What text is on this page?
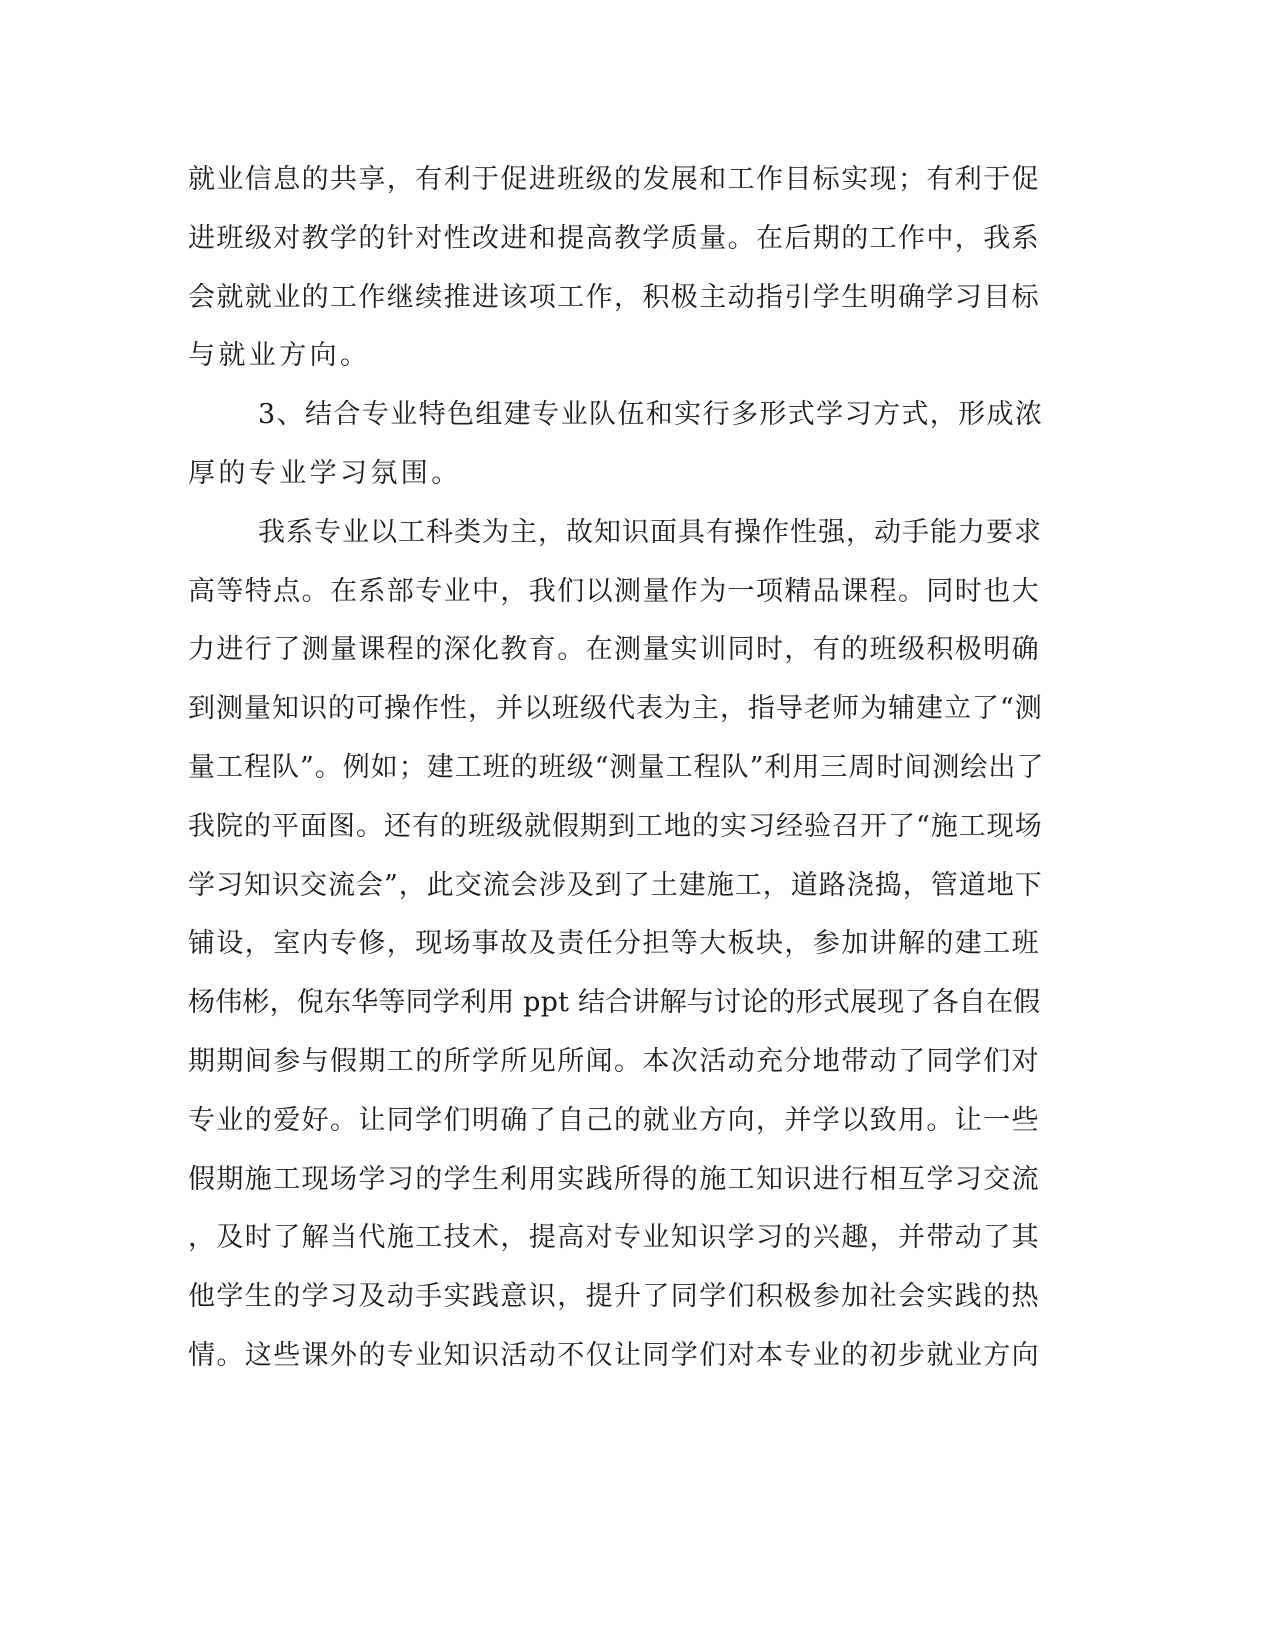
就业信息的共享，有利于促进班级的发展和工作目标实现；有利于促
进班级对教学的针对性改进和提高教学质量。在后期的工作中，我系
会就就业的工作继续推进该项工作，积极主动指引学生明确学习目标
与就业方向。
3、结合专业特色组建专业队伍和实行多形式学习方式，形成浓
厚的专业学习氛围。
我系专业以工科类为主，故知识面具有操作性强，动手能力要求
高等特点。在系部专业中，我们以测量作为一项精品课程。同时也大
力进行了测量课程的深化教育。在测量实训同时，有的班级积极明确
到测量知识的可操作性，并以班级代表为主，指导老师为辅建立了“测
量工程队”。例如；建工班的班级“测量工程队”利用三周时间测绘出了
我院的平面图。还有的班级就假期到工地的实习经验召开了“施工现场
学习知识交流会”，此交流会涉及到了土建施工，道路浇捣，管道地下
铺设，室内专修，现场事故及责任分担等大板块，参加讲解的建工班
杨伟彬，倪东华等同学利用 ppt 结合讲解与讨论的形式展现了各自在假
期期间参与假期工的所学所见所闻。本次活动充分地带动了同学们对
专业的爱好。让同学们明确了自己的就业方向，并学以致用。让一些
假期施工现场学习的学生利用实践所得的施工知识进行相互学习交流
，及时了解当代施工技术，提高对专业知识学习的兴趣，并带动了其
他学生的学习及动手实践意识，提升了同学们积极参加社会实践的热
情。这些课外的专业知识活动不仅让同学们对本专业的初步就业方向
